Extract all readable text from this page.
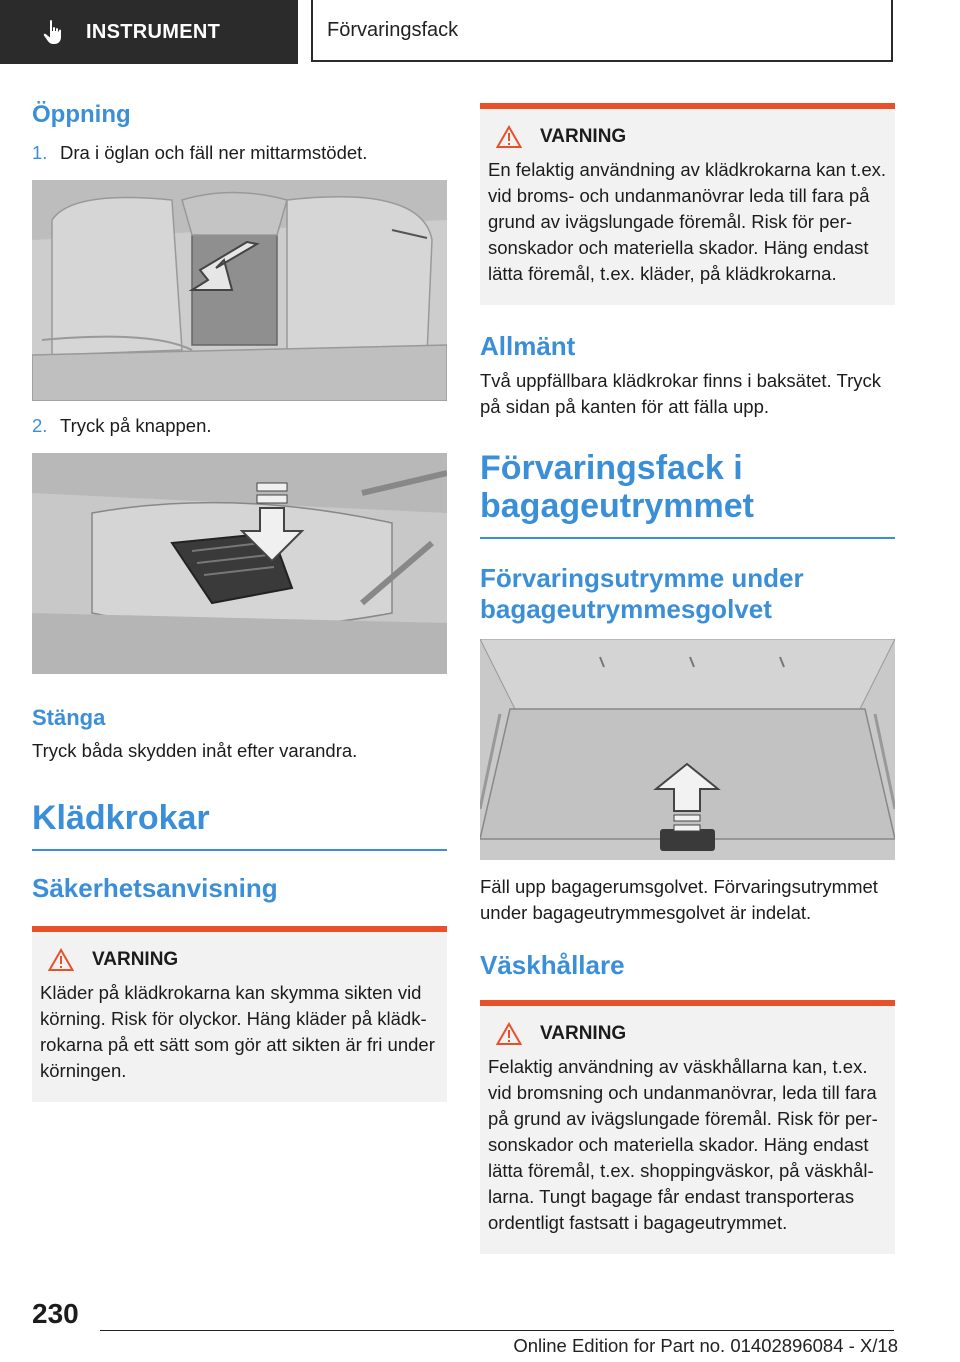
INSTRUMENT	Förvaringsfack
Öppning
1. Dra i öglan och fäll ner mittarmstödet.
2. Tryck på knappen.
Stänga

Tryck båda skydden inåt efter varandra.

Klädkrokar
Säkerhetsanvisning
VARNING

Kläder på klädkrokarna kan skymma sikten vid körning. Risk för olyckor. Häng kläder på klädkrokarna på ett sätt som gör att sikten är fri under körningen.

VARNING

En felaktig användning av klädkrokarna kan t.ex. vid broms- och undanmanövrar leda till fara på grund av ivägslungade föremål. Risk för personskador och materiella skador. Häng endast lätta föremål, t.ex. kläder, på klädkrokarna.

Allmänt

Två uppfällbara klädkrokar finns i baksätet. Tryck på sidan på kanten för att fälla upp.

Förvaringsfack i bagageutrymmet
Förvaringsutrymme under bagageutrymmesgolvet

Fäll upp bagagerumsgolvet. Förvaringsutrymmet under bagageutrymmesgolvet är indelat.

Väskhållare
VARNING

Felaktig användning av väskhållarna kan, t.ex. vid bromsning och undanmanövrar, leda till fara på grund av ivägslungade föremål. Risk för personskador och materiella skador. Häng endast lätta föremål, t.ex. shoppingväskor, på väskhållarna. Tungt bagage får endast transporteras ordentligt fastsatt i bagageutrymmet.

230
Online Edition for Part no. 01402896084 - X/18
